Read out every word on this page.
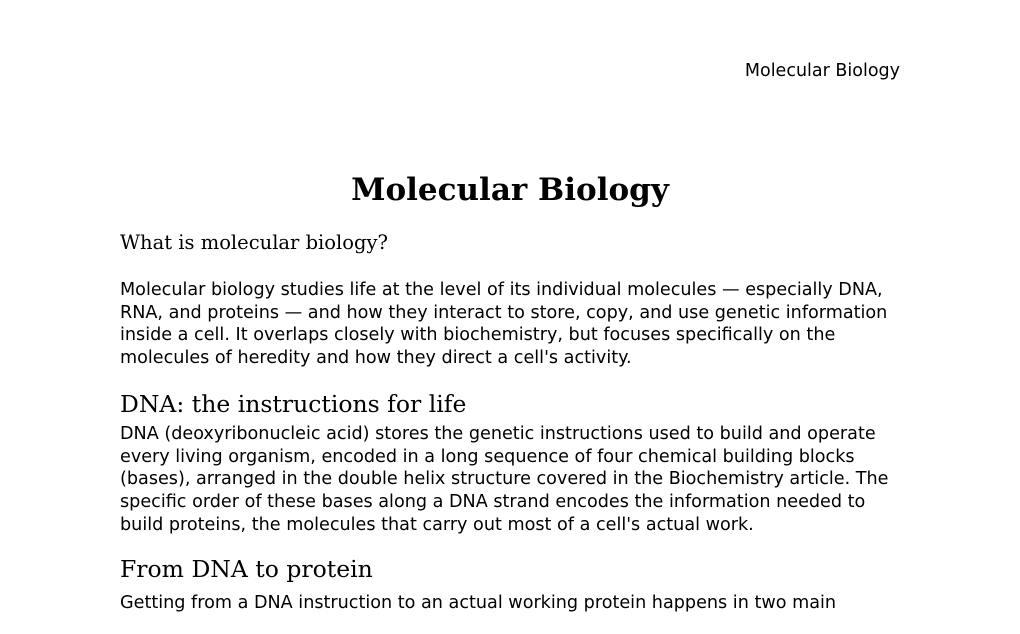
Molecular Biology
Molecular Biology
What is molecular biology?

Molecular biology studies life at the level of its individual molecules — especially DNA, RNA, and proteins — and how they interact to store, copy, and use genetic information inside a cell. It overlaps closely with biochemistry, but focuses specifically on the molecules of heredity and how they direct a cell's activity.

DNA: the instructions for life

DNA (deoxyribonucleic acid) stores the genetic instructions used to build and operate every living organism, encoded in a long sequence of four chemical building blocks (bases), arranged in the double helix structure covered in the Biochemistry article. The specific order of these bases along a DNA strand encodes the information needed to build proteins, the molecules that carry out most of a cell's actual work.

From DNA to protein

Getting from a DNA instruction to an actual working protein happens in two main
